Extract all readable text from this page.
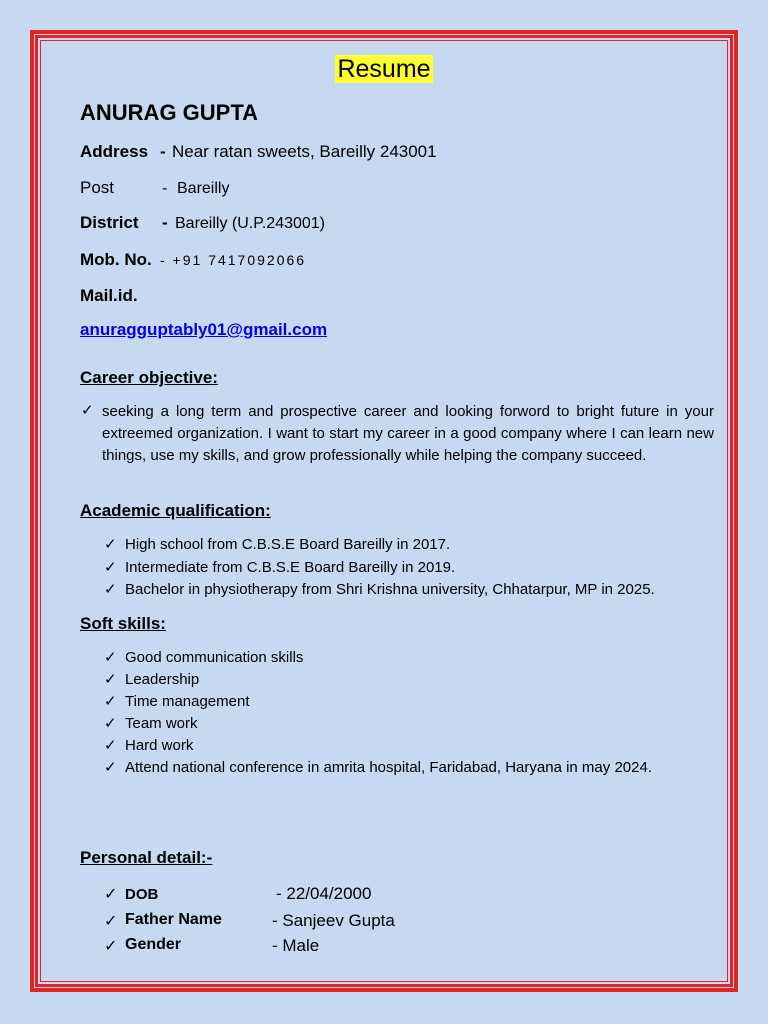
Resume
ANURAG GUPTA
Address - Near ratan sweets, Bareilly 243001
Post	- Bareilly
District - Bareilly (U.P.243001)
Mob. No. - +91 7417092066
Mail.id.
anuragguptably01@gmail.com
Career objective:
✓ seeking a long term and prospective career and looking forword to bright future in your extreemed organization. I want to start my career in a good company where I can learn new things, use my skills, and grow professionally while helping the company succeed.
Academic qualification:
✓ High school from C.B.S.E Board Bareilly in 2017.
✓ Intermediate from C.B.S.E Board Bareilly in 2019.
✓ Bachelor in physiotherapy from Shri Krishna university, Chhatarpur, MP in 2025.
Soft skills:
✓ Good communication skills
✓ Leadership
✓ Time management
✓ Team work
✓ Hard work
✓ Attend national conference in amrita hospital, Faridabad, Haryana in may 2024.
Personal detail:-
✓ DOB	- 22/04/2000
✓ Father Name	- Sanjeev Gupta
✓ Gender	- Male
